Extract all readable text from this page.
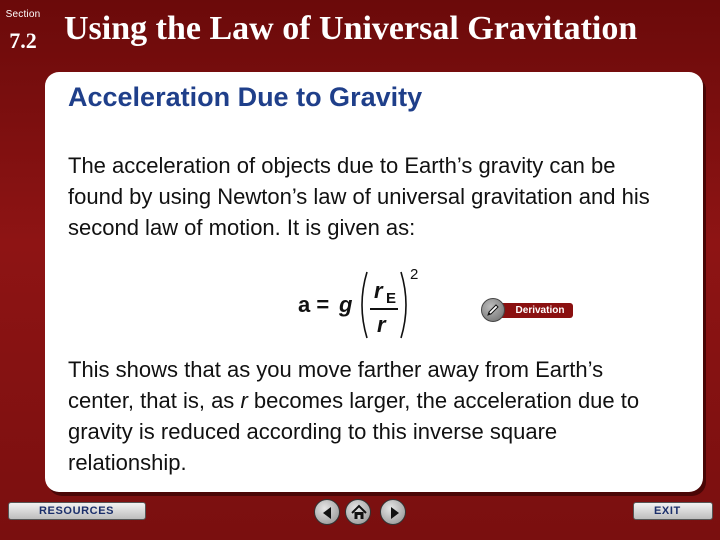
Section
7.2 Using the Law of Universal Gravitation
Acceleration Due to Gravity
The acceleration of objects due to Earth’s gravity can be found by using Newton’s law of universal gravitation and his second law of motion. It is given as:
a = g
r E
r
2
Derivation
This shows that as you move farther away from Earth’s center, that is, as r becomes larger, the acceleration due to gravity is reduced according to this inverse square relationship.
RESOURCES	EXIT
